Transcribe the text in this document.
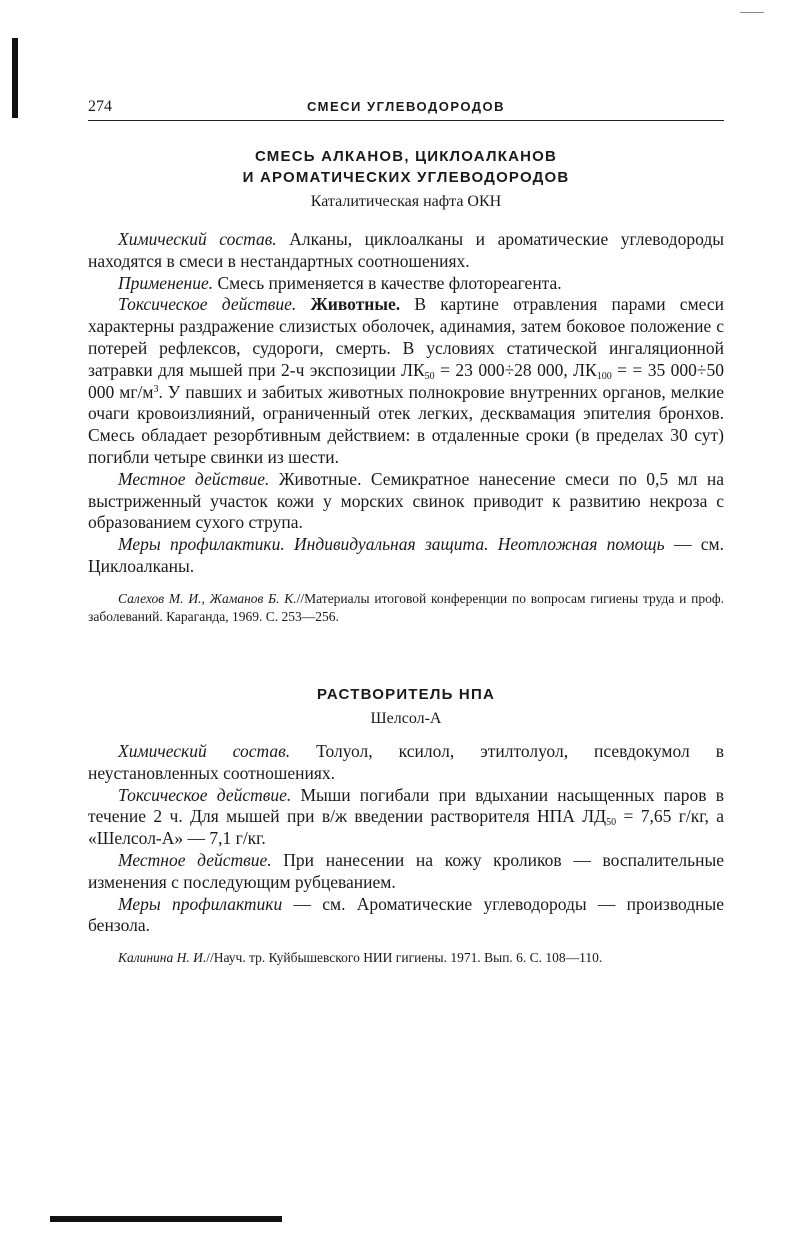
274	СМЕСИ УГЛЕВОДОРОДОВ
СМЕСЬ АЛКАНОВ, ЦИКЛОАЛКАНОВ
И АРОМАТИЧЕСКИХ УГЛЕВОДОРОДОВ
Каталитическая нафта ОКН

Химический состав. Алканы, циклоалканы и ароматические углеводороды находятся в смеси в нестандартных соотношениях.

Применение. Смесь применяется в качестве флотореагента.

Токсическое действие. Животные. В картине отравления парами смеси характерны раздражение слизистых оболочек, адинамия, затем боковое положение с потерей рефлексов, судороги, смерть. В условиях статической ингаляционной затравки для мышей при 2-ч экспозиции $ЛК_{50} = 23$ 000÷28 000, $ЛК_{100}$ = = 35 000÷50 000 $мг/м^3$. У павших и забитых животных полнокровие внутренних органов, мелкие очаги кровоизлияний, ограниченный отек легких, десквамация эпителия бронхов. Смесь обладает резорбтивным действием: в отдаленные сроки (в пределах 30 сут) погибли четыре свинки из шести.

Местное действие. Животные. Семикратное нанесение смеси по 0,5 мл на выстриженный участок кожи у морских свинок приводит к развитию некроза с образованием сухого струпа.

Меры профилактики. Индивидуальная защита. Неотложная помощь — см. Циклоалканы.

Салехов М. И., Жаманов Б. К.//Материалы итоговой конференции по вопросам гигиены труда и проф. заболеваний. Караганда, 1969. С. 253—256.

РАСТВОРИТЕЛЬ НПА
Шелсол-А

Химический состав. Толуол, ксилол, этилтолуол, псевдокумол в неустановленных соотношениях.

Токсическое действие. Мыши погибали при вдыхании насыщенных паров в течение 2 ч. Для мышей при в/ж введении растворителя НПА $ЛД_{50} = 7,65$ г/кг, а «Шелсол-А» — 7,1 г/кг.

Местное действие. При нанесении на кожу кроликов — воспалительные изменения с последующим рубцеванием.

Меры профилактики — см. Ароматические углеводороды — производные бензола.

Калинина Н. И.//Науч. тр. Куйбышевского НИИ гигиены. 1971. Вып. 6. С. 108—110.
